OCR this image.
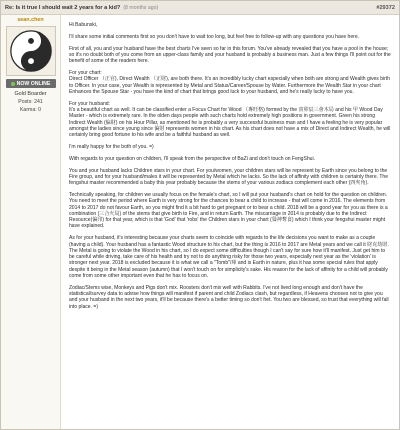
Re: Is it true I should wait 2 years for a kid? (8 months ago)	#29372
sean.chen
NOW ONLINE
Gold Boarder
Posts: 241
Karma: 0

Hi Babunski,

I'll share some initial comments first so you don't have to wait too long, but feel free to follow-up with any questions you have here.

First of all, you and your husband have the best charts I've seen so far in this forum. You've already revealed that you have a pool in the house; so it's no doubt both of you come from an upper-class family and your husband is probably a business man. Just a few things I'll point out for the benefit of some of the readers here.

For your chart:
Direct Officer （正官), Direct Wealth （正財), are both there. It's an incredibly lucky chart especially when both are strong and Wealth gives birth to Officer. In your case, your Wealth is represented by Metal and Status/Career/Spouse by Water. Furthermore the Wealth Star in your chart Enhances the Spouse Star - you have the kind of chart that brings good luck to your husband, and he's really lucky to have you.

For your husband:
It's a beautiful chart as well. It can be classified enter a Focus Chart for Wood （專旺格) formed by the 寅卯辰三會木局 and his 甲 Wood Day Master - which is extremely rare. In the olden days people with such charts hold extremely high positions in government. Given his strong Indirect Wealth (偏財) on his Hour Pillar, as mentioned he is probably a very successful business man and I have a feeling he is very popular amongst the ladies since young since 偏財 represents women in his chart. As his chart does not have a mix of Direct and Indirect Wealth, he will certainly bring good fortune to his wife and be a faithful husband as well.

I'm really happy for the both of you. =)

With regards to your question on children, I'll speak from the perspective of BaZi and don't touch on FengShui.

You and your husband lacks Children stars in your chart. For you/women, your children stars will be represent by Earth since you belong to the Fire group, and for your husband/males it will be represented by Metal which he lacks. So the lack of affinity with children is certainly there. The fengshui master recommended a baby this year probably because the stems of your various zodiacs complement each other (四夾角).

Technically speaking, for children we usually focus on the female's chart, so I will put your husband's chart on hold for the question on children. You need to meet the period where Earth is very strong for the chances to bear a child to increase - that will come in 2016. The elements from 2014 to 2017 do not favour Earth, so you might find it a bit hard to get pregnant or to bear a child. 2018 will be a good year for you as there is a combination (三合火局) of the stems that give birth to Fire, and in return Earth. The miscarriage in 2014 is probably due to the Indirect Resource(偏印) for that year, which is that 'God' that 'robs' the Children stars in your chart (梟神奪食) which I think your fengshui master might have explained.

As for your husband, it's interesting because your charts seem to coincide with regards to the life decisions you want to make as a couple (having a child). Your husband has a fantastic Wood structure to his chart, but the thing is 2016 to 2017 are Metal years and we call it 財克劫財. The Metal is going to violate the Wood in his chart, so I do expect some difficulties though I can't say for sure how it'll manifest. Just get him to be careful while driving, take care of his health and try not to do anything risky for those two years, especially next year as the 'violation' is stronger next year. 2018 is excluded because it is what we call a "Tomb"/庫 and is Earth in nature, plus it has some special rules that apply despite it being in the Metal season (autumn) that I won't touch on for simplicity's sake. His reason for the lack of affinity for a child will probably come from some other important even that he has to focus on.

Zodiac/Stems wise, Monkeys and Pigs don't mix. Roosters don't mix well with Rabbits. I've not lived long enough and don't have the statistical/survey data to advise how things will manifest if parent and child Zodiacs clash, but regardless, if Heavens chooses not to give you and your husband in the next two years, it'll be because there's a better timing so don't fret. You two are blessed, so trust that everything will fall into place. =)
